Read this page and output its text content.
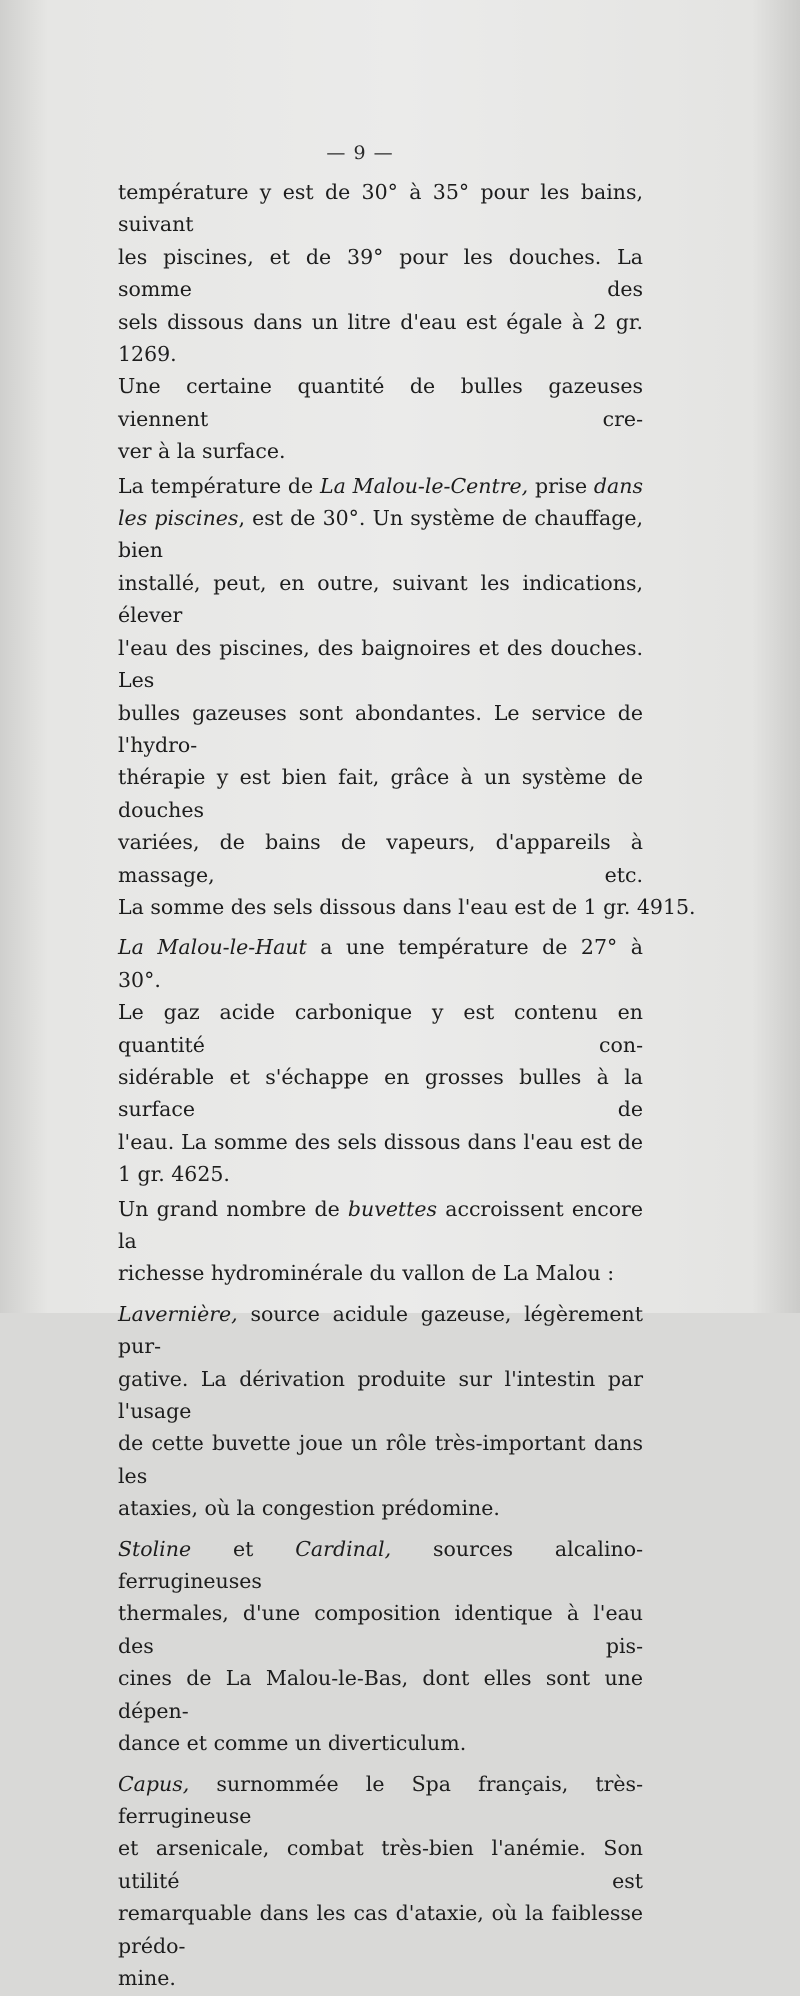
— 9 —
température y est de 30° à 35° pour les bains, suivant
les piscines, et de 39° pour les douches. La somme des
sels dissous dans un litre d'eau est égale à 2 gr. 1269.
Une certaine quantité de bulles gazeuses viennent cre-
ver à la surface.
La température de La Malou-le-Centre, prise dans
les piscines, est de 30°. Un système de chauffage, bien
installé, peut, en outre, suivant les indications, élever
l'eau des piscines, des baignoires et des douches. Les
bulles gazeuses sont abondantes. Le service de l'hydro-
thérapie y est bien fait, grâce à un système de douches
variées, de bains de vapeurs, d'appareils à massage, etc.
La somme des sels dissous dans l'eau est de 1 gr. 4915.
La Malou-le-Haut a une température de 27° à 30°.
Le gaz acide carbonique y est contenu en quantité con-
sidérable et s'échappe en grosses bulles à la surface de
l'eau. La somme des sels dissous dans l'eau est de
1 gr. 4625.
Un grand nombre de buvettes accroissent encore la
richesse hydrominérale du vallon de La Malou :
Lavernière, source acidule gazeuse, légèrement pur-
gative. La dérivation produite sur l'intestin par l'usage
de cette buvette joue un rôle très-important dans les
ataxies, où la congestion prédomine.
Stoline et Cardinal, sources alcalino-ferrugineuses
thermales, d'une composition identique à l'eau des pis-
cines de La Malou-le-Bas, dont elles sont une dépen-
dance et comme un diverticulum.
Capus, surnommée le Spa français, très-ferrugineuse
et arsenicale, combat très-bien l'anémie. Son utilité est
remarquable dans les cas d'ataxie, où la faiblesse prédo-
mine.
